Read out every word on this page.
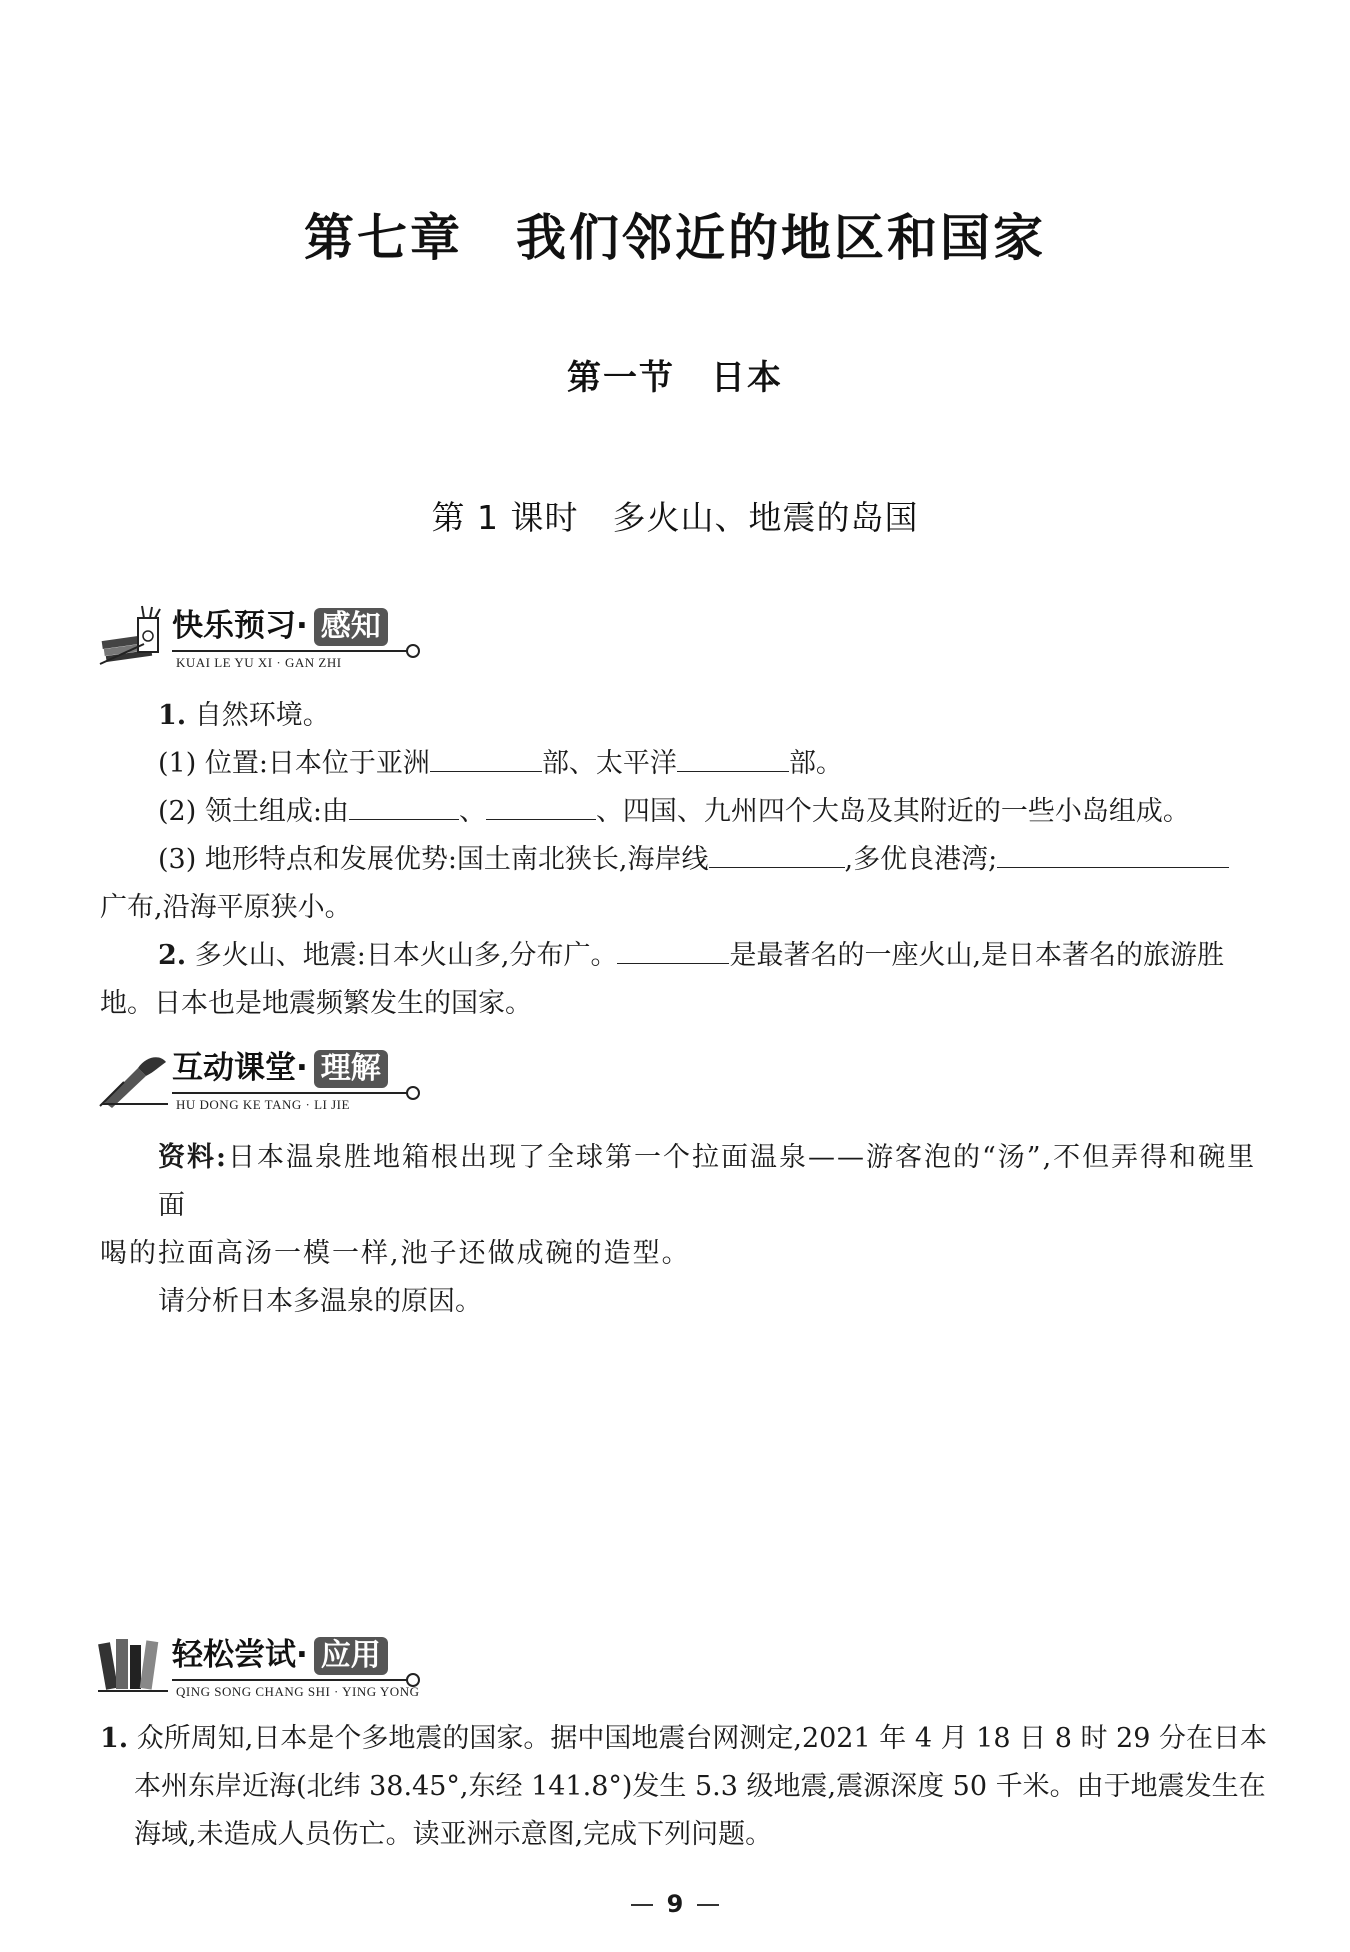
第七章　我们邻近的地区和国家
第一节　日本
第 1 课时　多火山、地震的岛国
快乐预习· 感知
KUAI LE YU XI · GAN ZHI
1. 自然环境。
(1) 位置:日本位于亚洲	部、太平洋	部。
(2) 领土组成:由	、	、四国、九州四个大岛及其附近的一些小岛组成。
(3) 地形特点和发展优势:国土南北狭长,海岸线	,多优良港湾;
广布,沿海平原狭小。
2. 多火山、地震:日本火山多,分布广。	是最著名的一座火山,是日本著名的旅游胜
地。日本也是地震频繁发生的国家。
互动课堂· 理解
HU DONG KE TANG · LI JIE
资料:日本温泉胜地箱根出现了全球第一个拉面温泉——游客泡的“汤”,不但弄得和碗里面
喝的拉面高汤一模一样,池子还做成碗的造型。
请分析日本多温泉的原因。
轻松尝试· 应用
QING SONG CHANG SHI · YING YONG
1. 众所周知,日本是个多地震的国家。据中国地震台网测定,2021 年 4 月 18 日 8 时 29 分在日本
本州东岸近海(北纬 38.45°,东经 141.8°)发生 5.3 级地震,震源深度 50 千米。由于地震发生在
海域,未造成人员伤亡。读亚洲示意图,完成下列问题。
9
